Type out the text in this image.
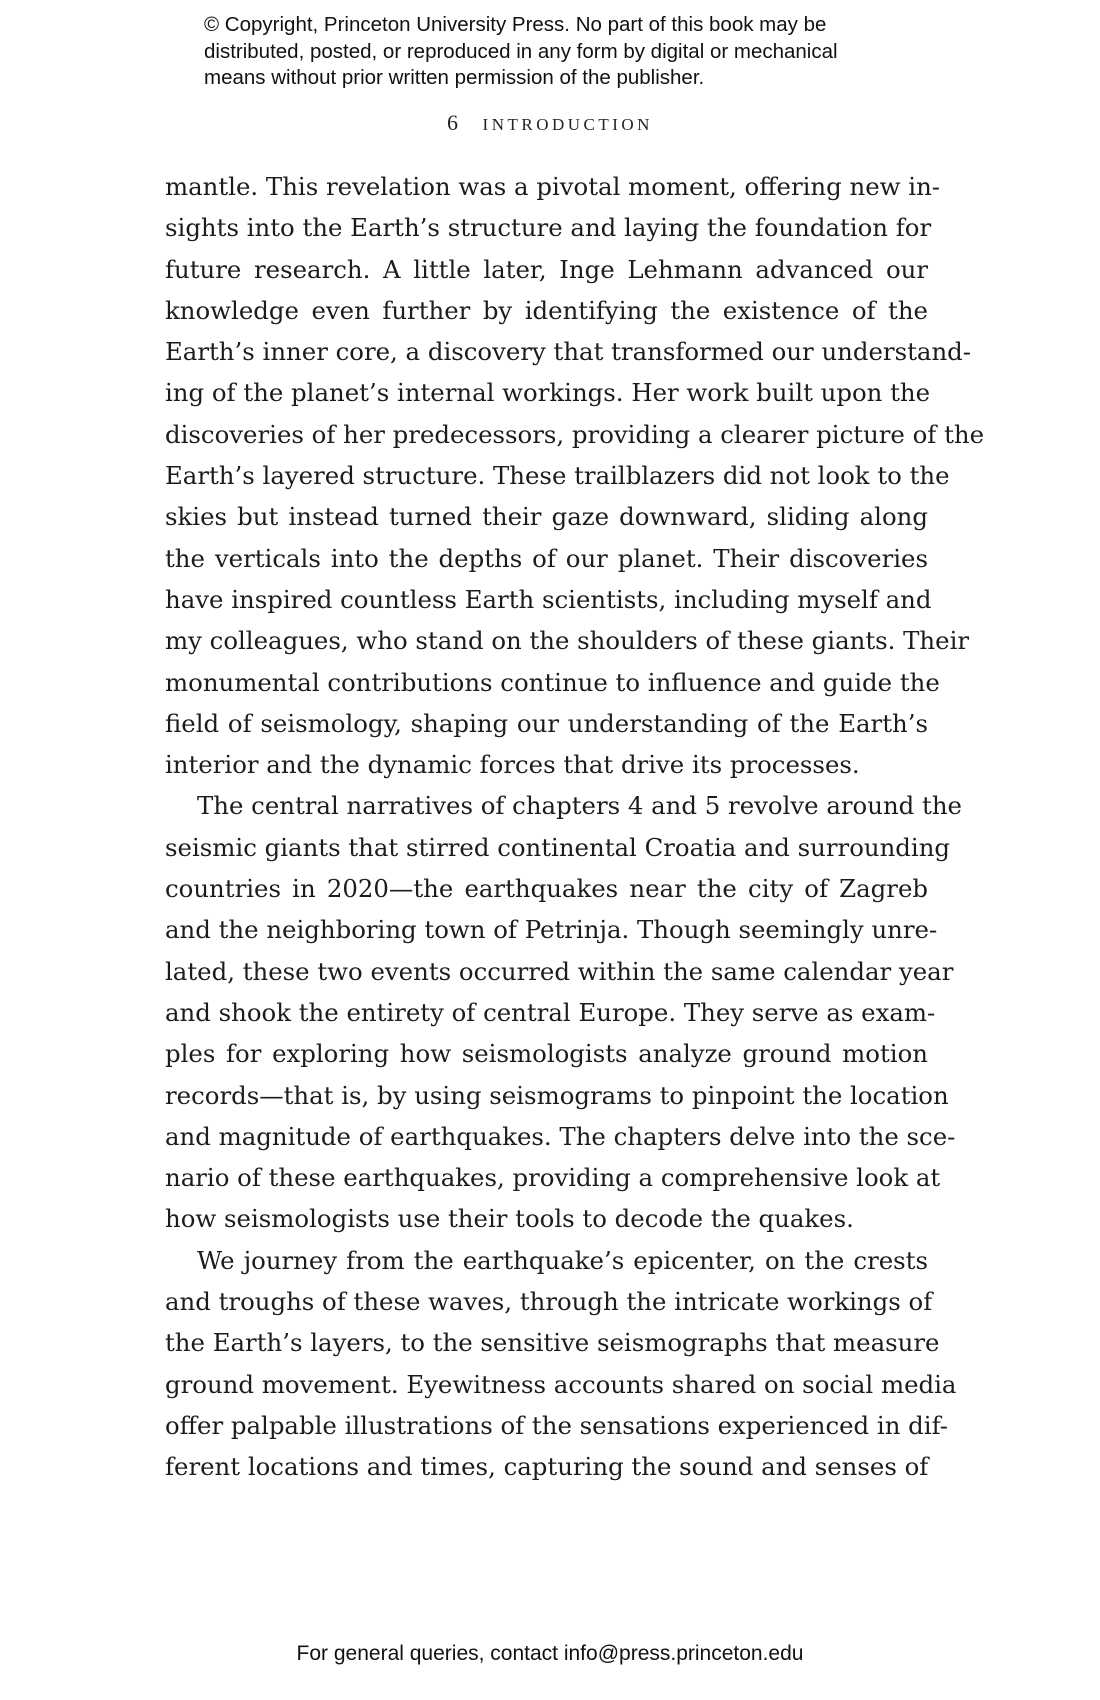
© Copyright, Princeton University Press. No part of this book may be
distributed, posted, or reproduced in any form by digital or mechanical
means without prior written permission of the publisher.
6 introduction
mantle. This revelation was a pivotal moment, offering new in-
sights into the Earth’s structure and laying the foundation for
future research. A little later, Inge Lehmann advanced our
knowledge even further by identifying the existence of the
Earth’s inner core, a discovery that transformed our understand-
ing of the planet’s internal workings. Her work built upon the
discoveries of her predecessors, providing a clearer picture of the
Earth’s layered structure. These trailblazers did not look to the
skies but instead turned their gaze downward, sliding along
the verticals into the depths of our planet. Their discoveries
have inspired countless Earth scientists, including myself and
my colleagues, who stand on the shoulders of these giants. Their
monumental contributions continue to influence and guide the
field of seismology, shaping our understanding of the Earth’s
interior and the dynamic forces that drive its processes.
The central narratives of chapters 4 and 5 revolve around the
seismic giants that stirred continental Croatia and surrounding
countries in 2020—the earthquakes near the city of Zagreb
and the neighboring town of Petrinja. Though seemingly unre-
lated, these two events occurred within the same calendar year
and shook the entirety of central Europe. They serve as exam-
ples for exploring how seismologists analyze ground motion
records—that is, by using seismograms to pinpoint the location
and magnitude of earthquakes. The chapters delve into the sce-
nario of these earthquakes, providing a comprehensive look at
how seismologists use their tools to decode the quakes.
We journey from the earthquake’s epicenter, on the crests
and troughs of these waves, through the intricate workings of
the Earth’s layers, to the sensitive seismographs that measure
ground movement. Eyewitness accounts shared on social media
offer palpable illustrations of the sensations experienced in dif-
ferent locations and times, capturing the sound and senses of
For general queries, contact info@press.princeton.edu
